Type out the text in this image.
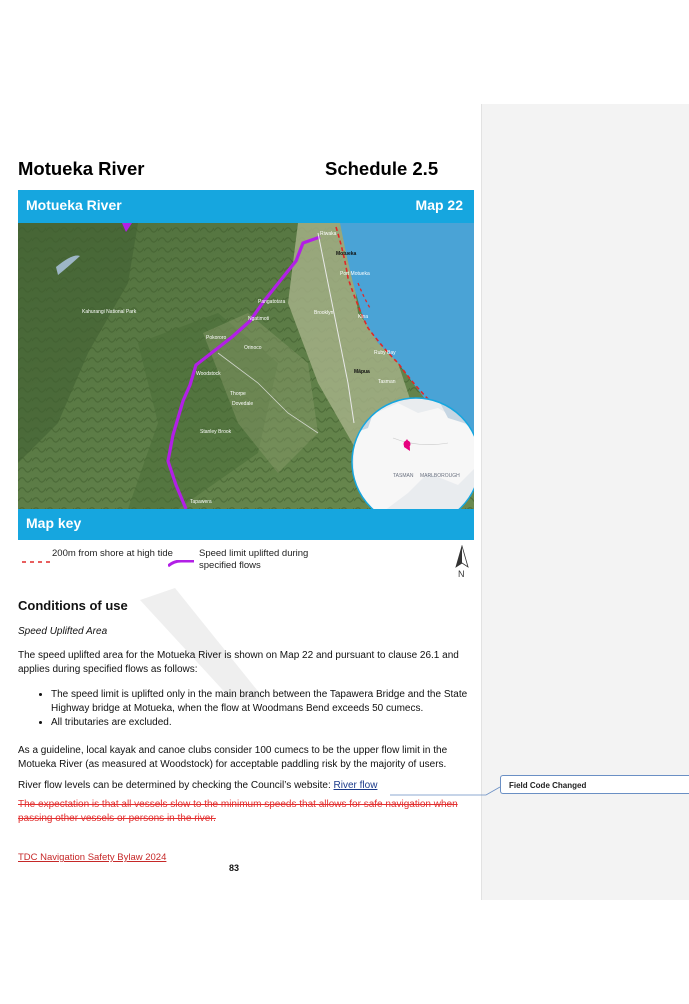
Field Code Changed
Motueka River	Schedule 2.5
Motueka River	Map 22
Motueka
Riwaka
Port Motueka
Kina
Brooklyn
Ruby Bay
Māpua
Tasman
Pangatotara
Ngatimoti
Pokororo
Orinoco
Woodstock
Thorpe
Dovedale
Stanley Brook
Tapawera
Kahurangi National Park
TASMAN MARLBOROUGH
Map key
200m from shore at high tide	Speed limit uplifted during specified flows
N
Conditions of use
Speed Uplifted Area
The speed uplifted area for the Motueka River is shown on Map 22 and pursuant to clause 26.1 and applies during specified flows as follows:
• The speed limit is uplifted only in the main branch between the Tapawera Bridge and the State Highway bridge at Motueka, when the flow at Woodmans Bend exceeds 50 cumecs.
• All tributaries are excluded.
As a guideline, local kayak and canoe clubs consider 100 cumecs to be the upper flow limit in the Motueka River (as measured at Woodstock) for acceptable paddling risk by the majority of users.
River flow levels can be determined by checking the Council’s website: River flow
The expectation is that all vessels slow to the minimum speeds that allows for safe navigation when passing other vessels or persons in the river.
TDC Navigation Safety Bylaw 2024
83
